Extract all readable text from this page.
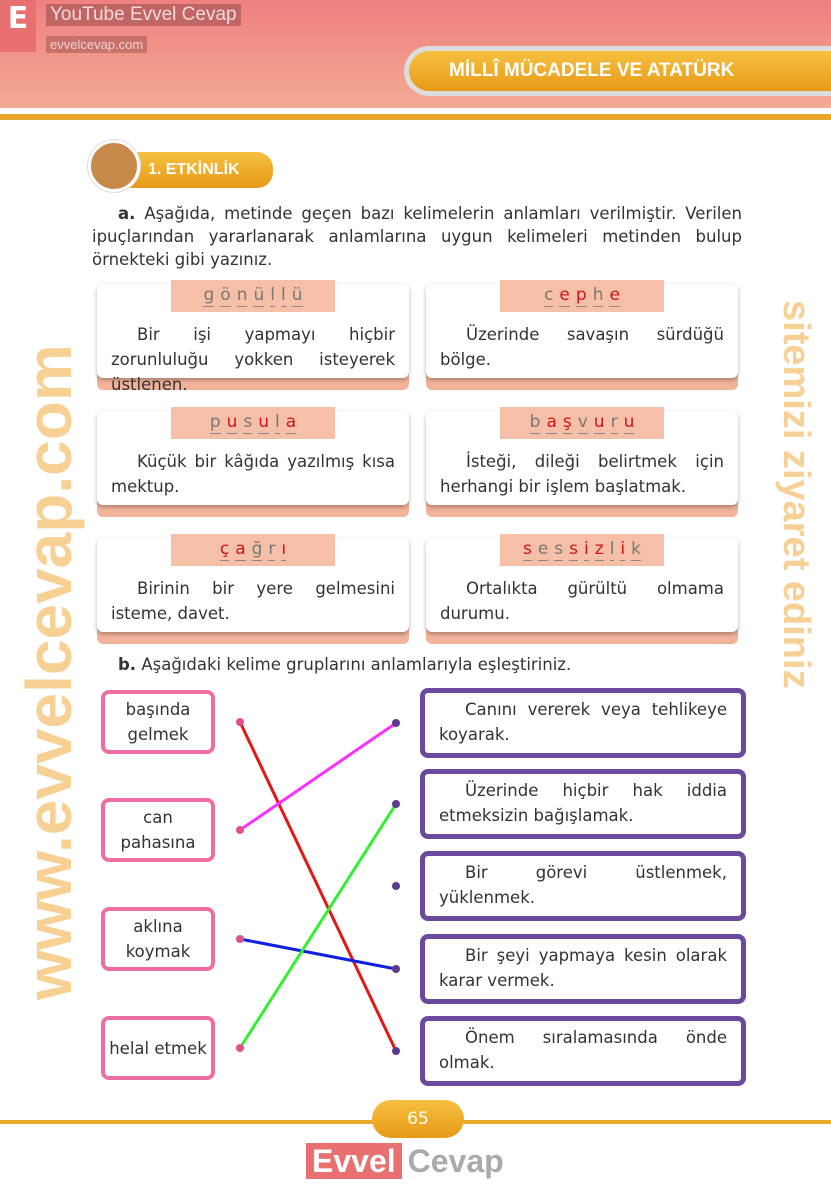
E	YouTube Evvel Cevap
evvelcevap.com
MİLLÎ MÜCADELE VE ATATÜRK
1. ETKİNLİK
a. Aşağıda, metinde geçen bazı kelimelerin anlamları verilmiştir. Verilen ipuçlarından yararlanarak anlamlarına uygun kelimeleri metinden bulup örnekteki gibi yazınız.
Bir işi yapmayı hiçbir zorunluluğu yokken isteyerek üstlenen.
g ö n ü l l ü
Üzerinde savaşın sürdüğü bölge.
c e p h e
Küçük bir kâğıda yazılmış kısa mektup.
p u s u l a
İsteği, dileği belirtmek için herhangi bir işlem başlatmak.
b a ş v u r u
Birinin bir yere gelmesini isteme, davet.
ç a ğ r ı
Ortalıkta gürültü olmama durumu.
s e s s i z l i k
b. Aşağıdaki kelime gruplarını anlamlarıyla eşleştiriniz.
başında gelmek
can pahasına
aklına koymak
helal etmek
Canını vererek veya tehlikeye koyarak.
Üzerinde hiçbir hak iddia etmeksizin bağışlamak.
Bir görevi üstlenmek, yüklenmek.
Bir şeyi yapmaya kesin olarak karar vermek.
Önem sıralamasında önde olmak.
65
Evvel Cevap
www.evvelcevap.com	sitemizi ziyaret ediniz
